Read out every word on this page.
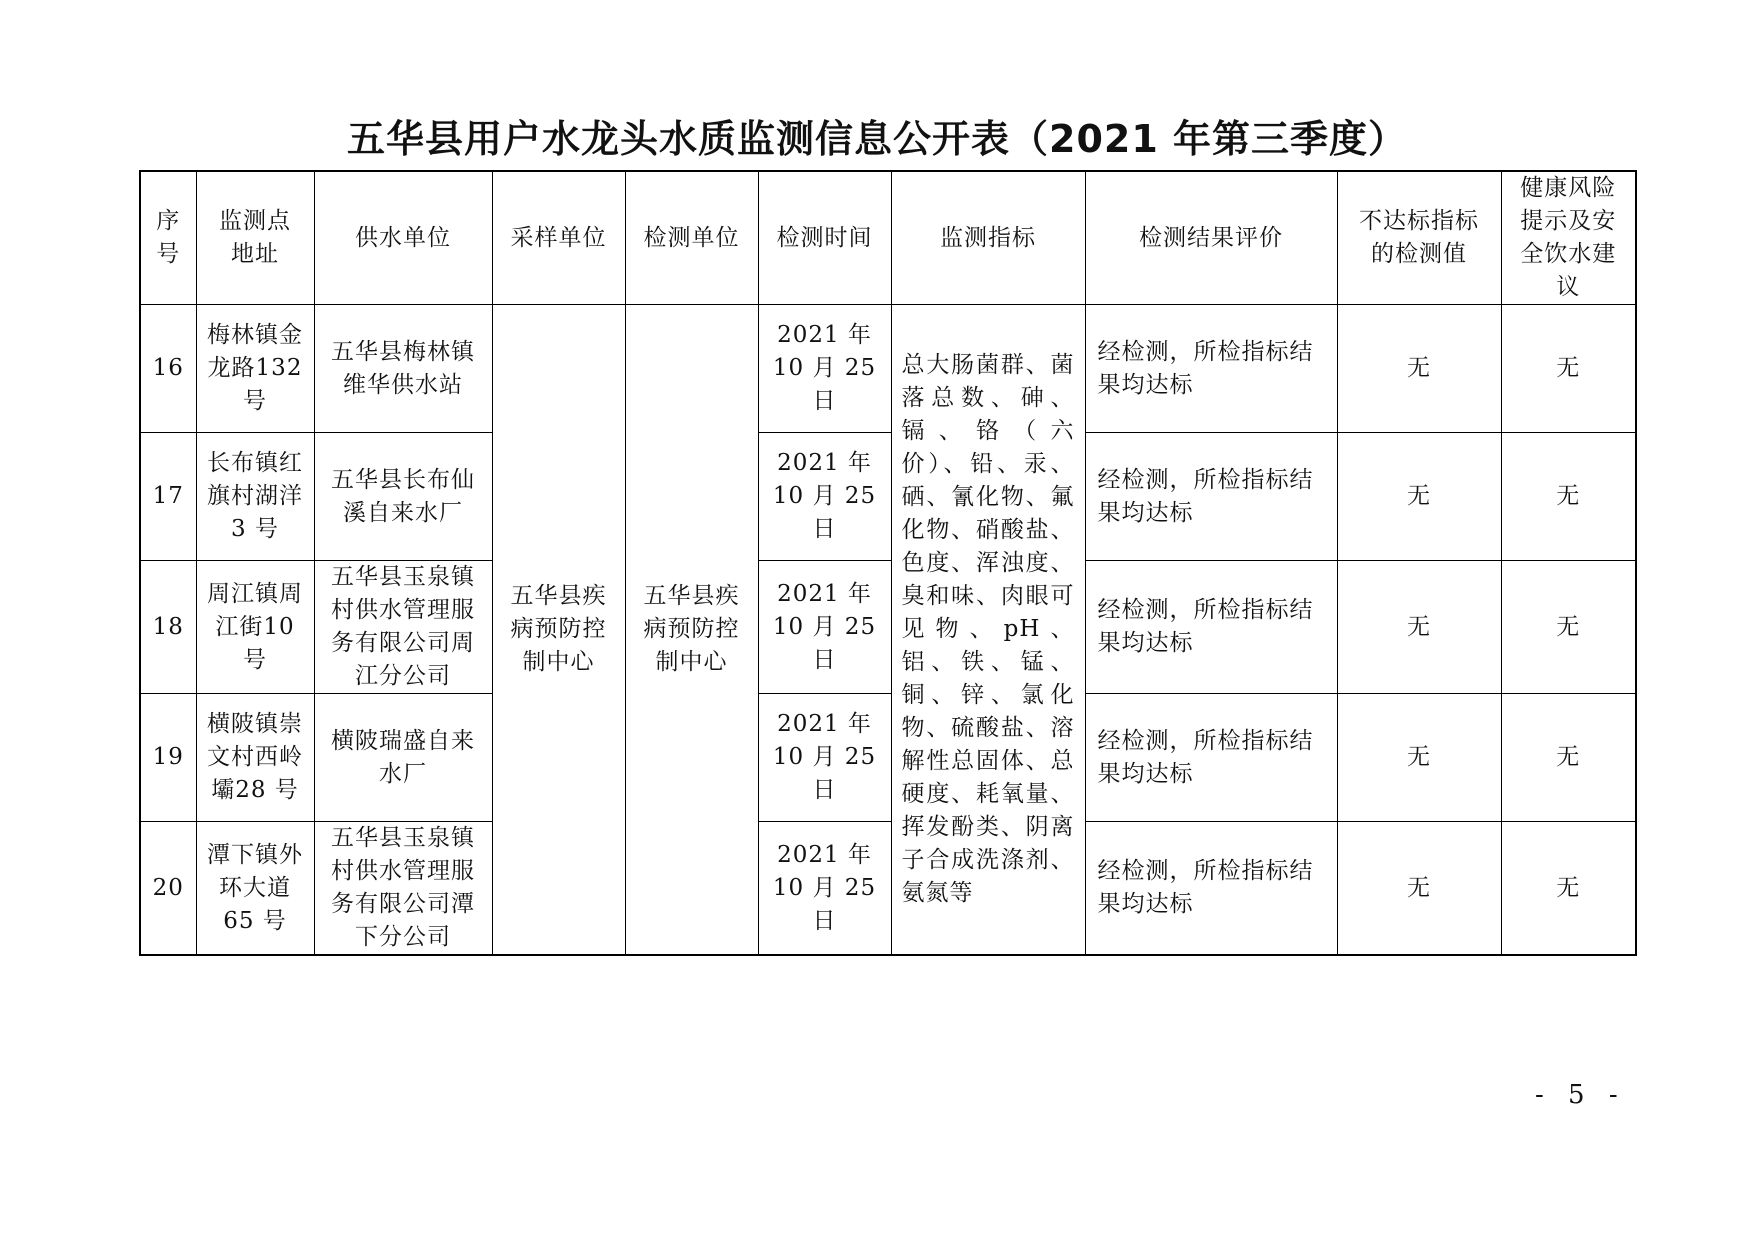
五华县用户水龙头水质监测信息公开表（2021 年第三季度）
序号	监测点地址	供水单位	采样单位	检测单位	检测时间	监测指标	检测结果评价	不达标指标的检测值	健康风险提示及安全饮水建议
16	梅林镇金龙路132 号	五华县梅林镇维华供水站	五华县疾病预防控制中心	五华县疾病预防控制中心	2021 年10 月 25 日	总大肠菌群、菌落总数、砷、镉、铬（六价）、铅、汞、硒、氰化物、氟化物、硝酸盐、色度、浑浊度、臭和味、肉眼可见物、pH、铝、铁、锰、铜、锌、氯化物、硫酸盐、溶解性总固体、总硬度、耗氧量、挥发酚类、阴离子合成洗涤剂、氨氮等	经检测，所检指标结果均达标	无	无
17	长布镇红旗村湖洋 3 号	五华县长布仙溪自来水厂			2021 年10 月 25 日		经检测，所检指标结果均达标	无	无
18	周江镇周江街10 号	五华县玉泉镇村供水管理服务有限公司周江分公司			2021 年10 月 25 日		经检测，所检指标结果均达标	无	无
19	横陂镇崇文村西岭壩28 号	横陂瑞盛自来水厂			2021 年10 月 25 日		经检测，所检指标结果均达标	无	无
20	潭下镇外环大道 65 号	五华县玉泉镇村供水管理服务有限公司潭下分公司			2021 年10 月 25 日		经检测，所检指标结果均达标	无	无
- 5 -
